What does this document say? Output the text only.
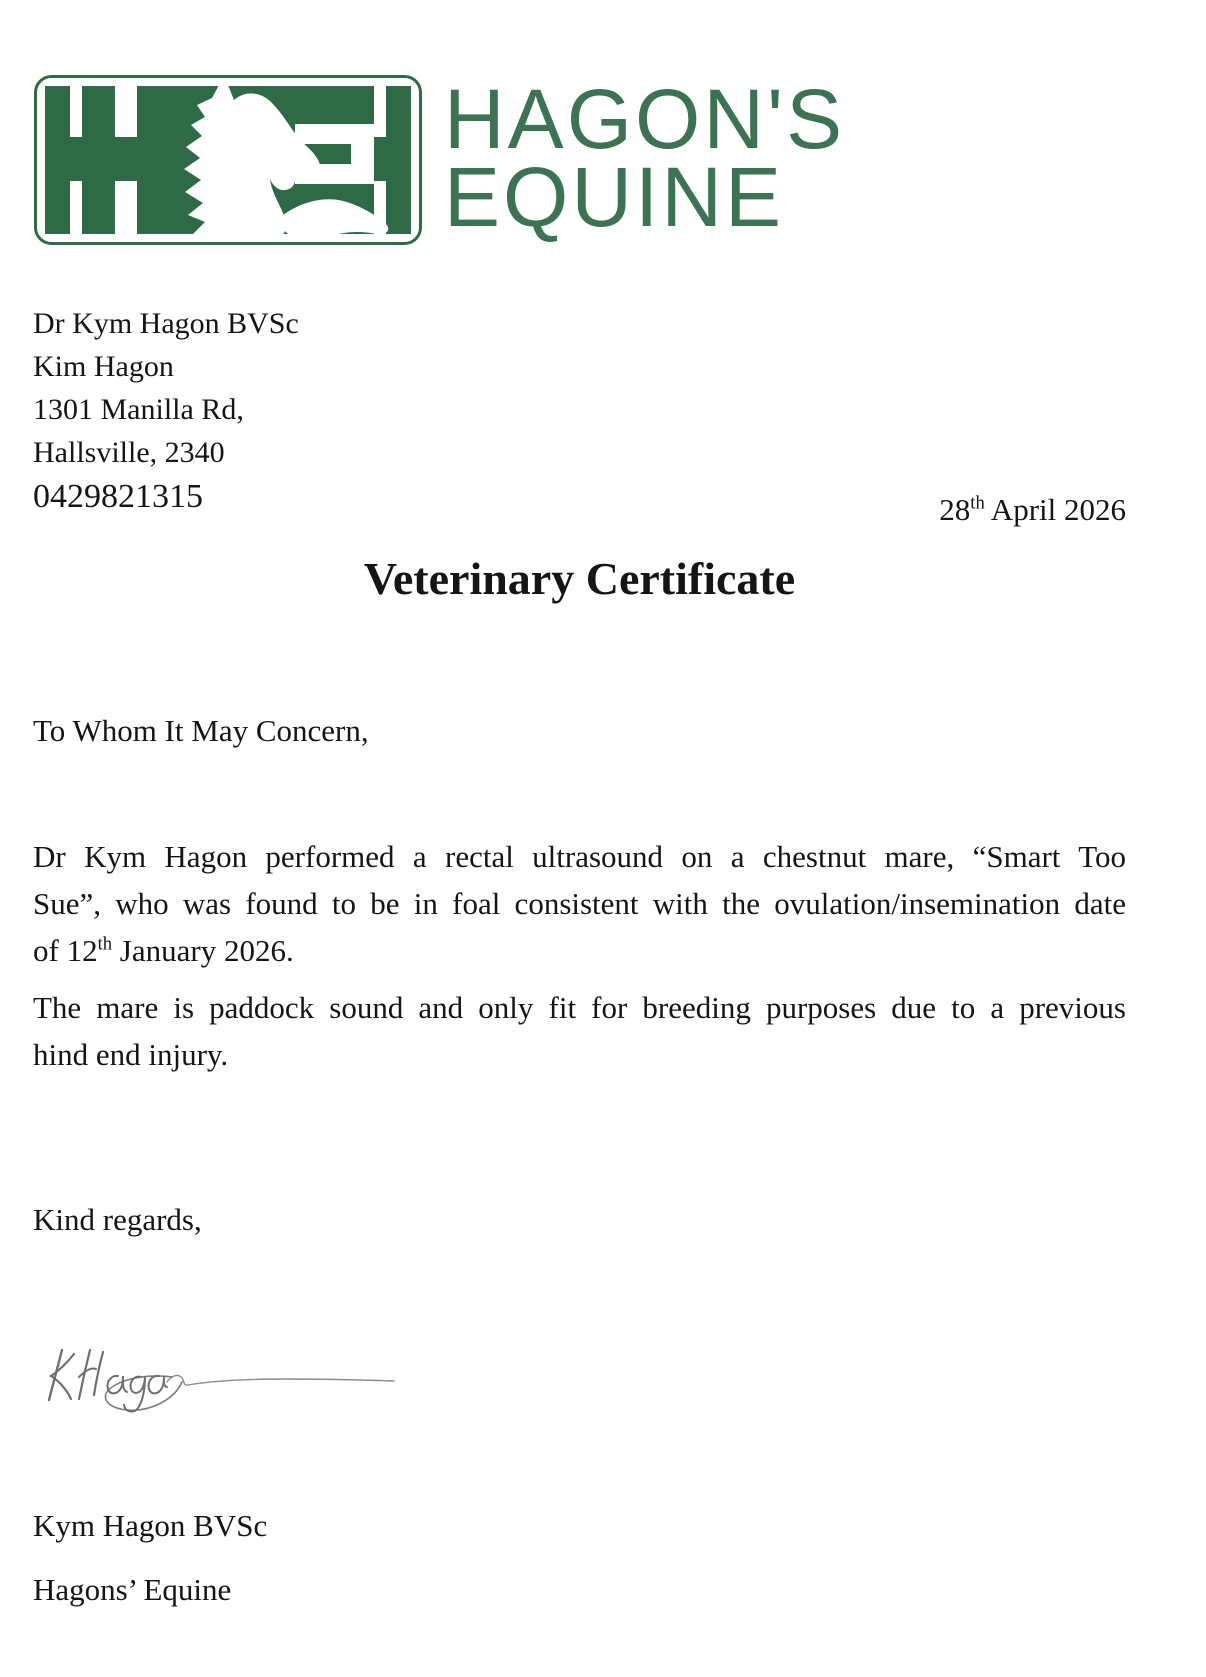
HAGON'S
EQUINE
Dr Kym Hagon BVSc
Kim Hagon
1301 Manilla Rd,
Hallsville, 2340
0429821315	28th April 2026
Veterinary Certificate

To Whom It May Concern,

Dr Kym Hagon performed a rectal ultrasound on a chestnut mare, “Smart Too
Sue”, who was found to be in foal consistent with the ovulation/insemination date
of 12th January 2026.

The mare is paddock sound and only fit for breeding purposes due to a previous
hind end injury.

Kind regards,

Kym Hagon BVSc

Hagons’ Equine
